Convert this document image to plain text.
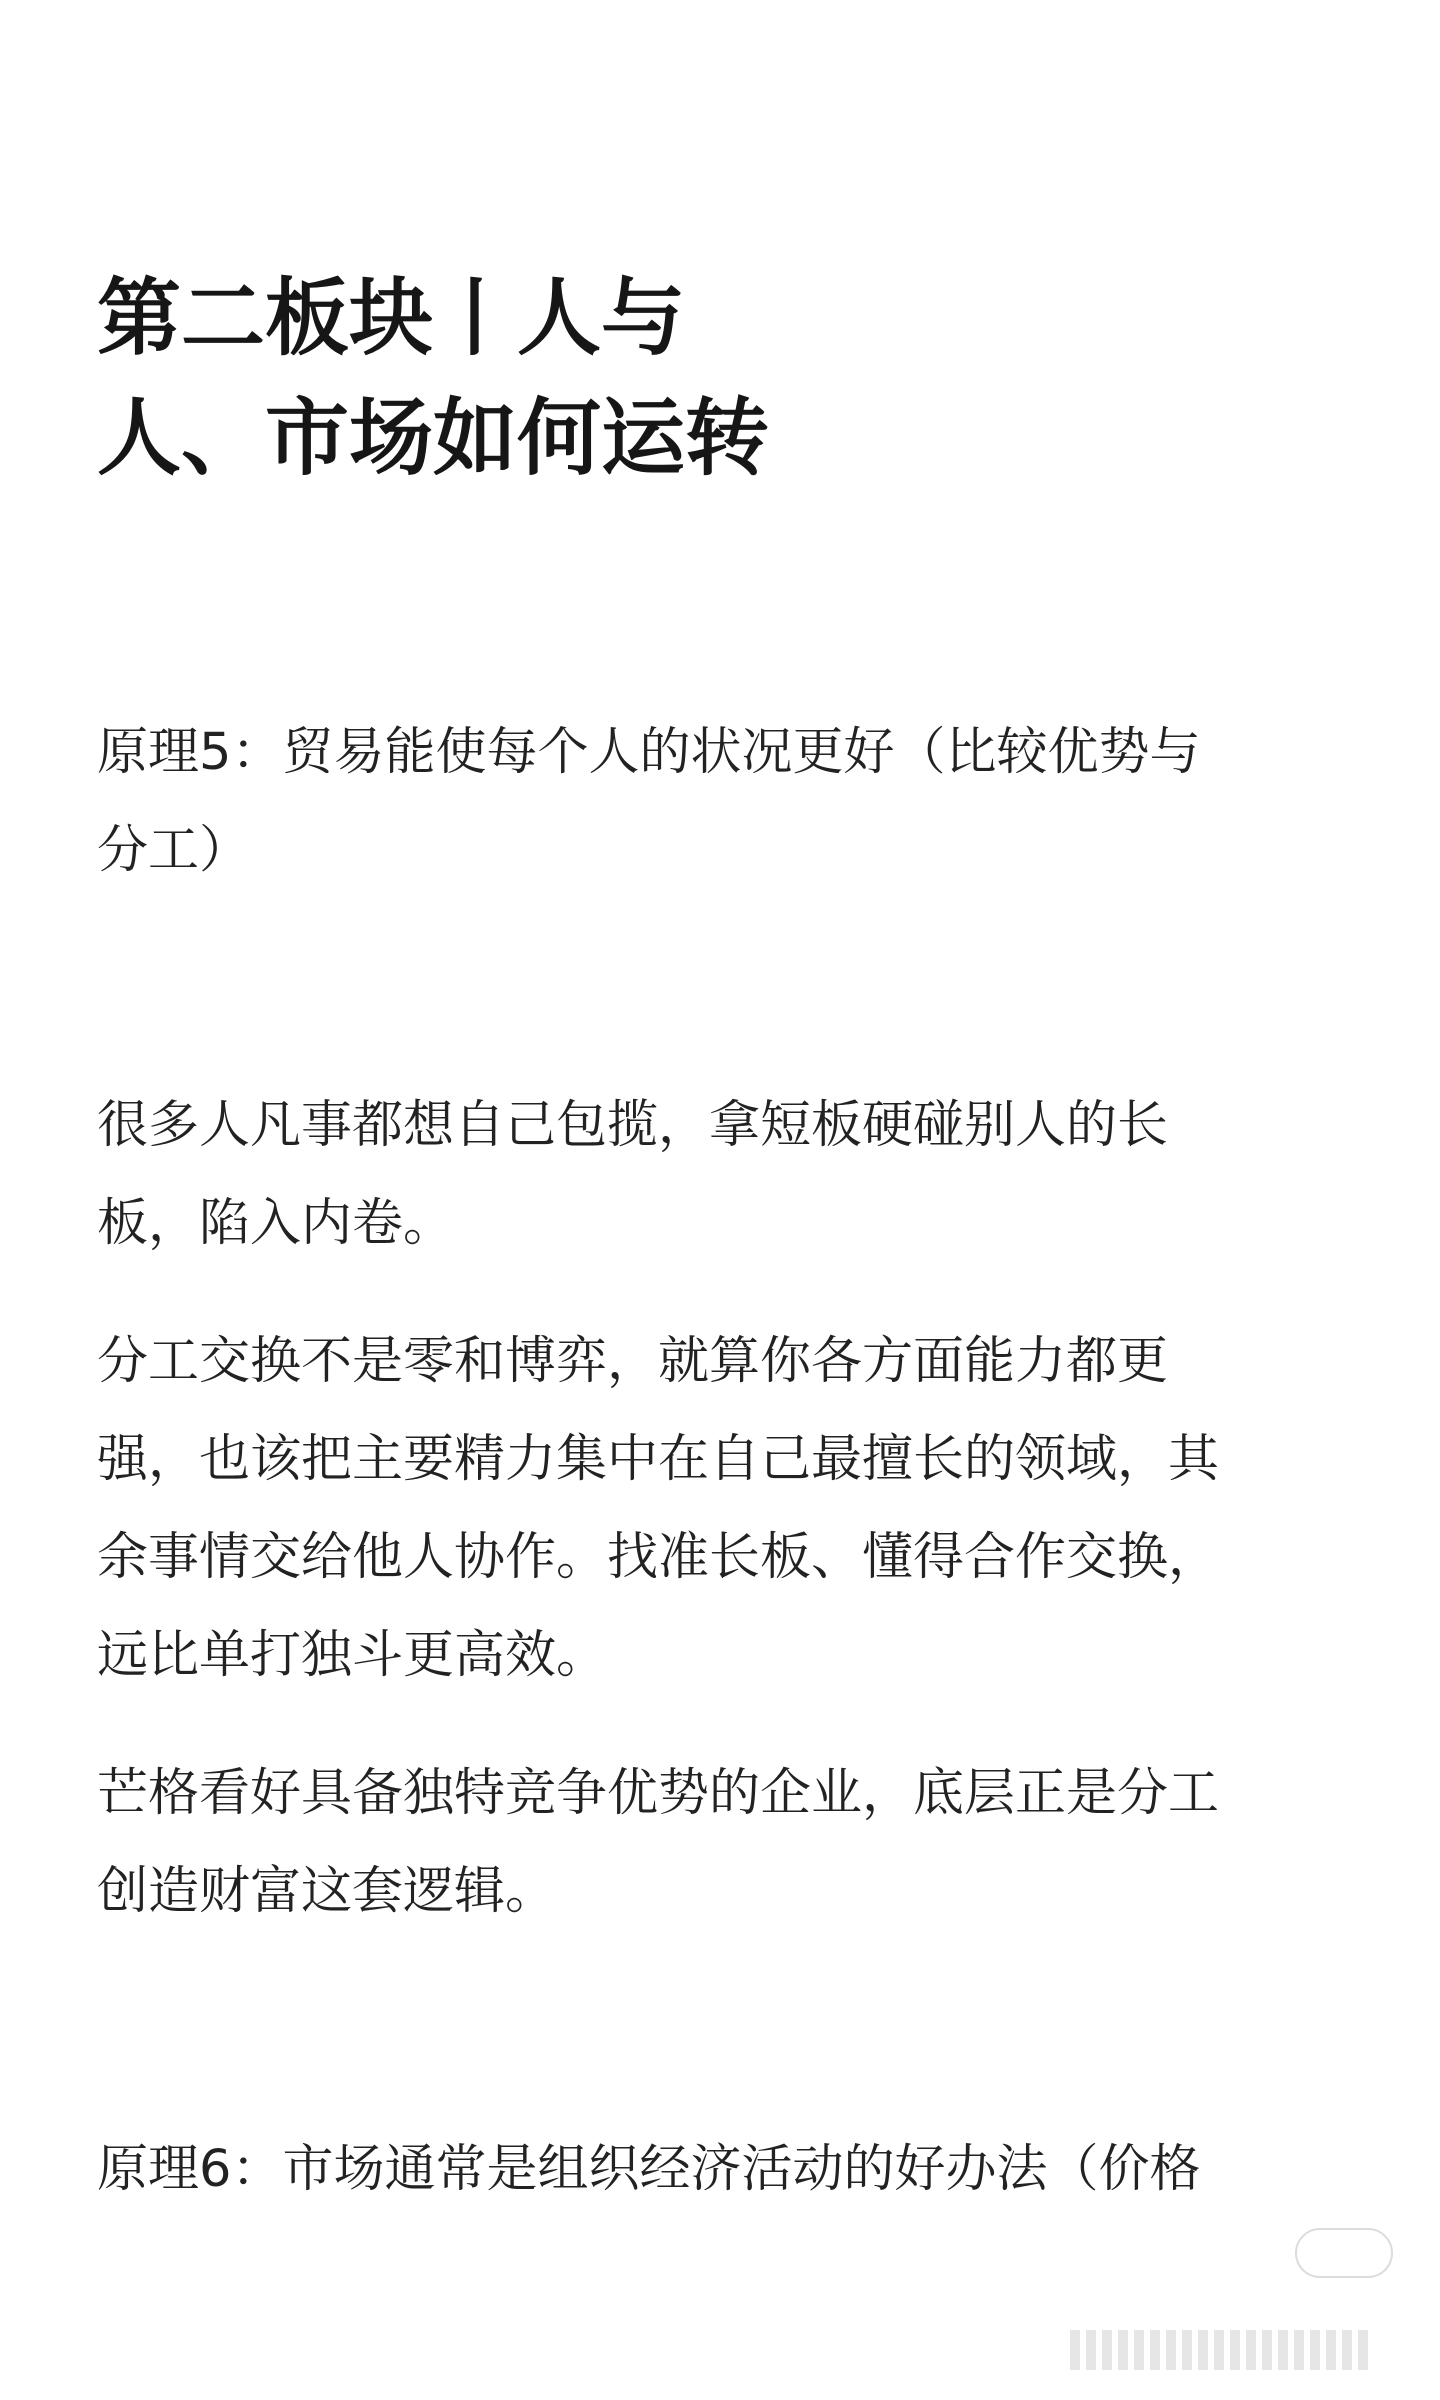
第二板块丨人与
人、市场如何运转

原理5：贸易能使每个人的状况更好（比较优势与
分工）

很多人凡事都想自己包揽，拿短板硬碰别人的长
板，陷入内卷。

分工交换不是零和博弈，就算你各方面能力都更
强，也该把主要精力集中在自己最擅长的领域，其
余事情交给他人协作。找准长板、懂得合作交换，
远比单打独斗更高效。

芒格看好具备独特竞争优势的企业，底层正是分工
创造财富这套逻辑。

原理6：市场通常是组织经济活动的好办法（价格
